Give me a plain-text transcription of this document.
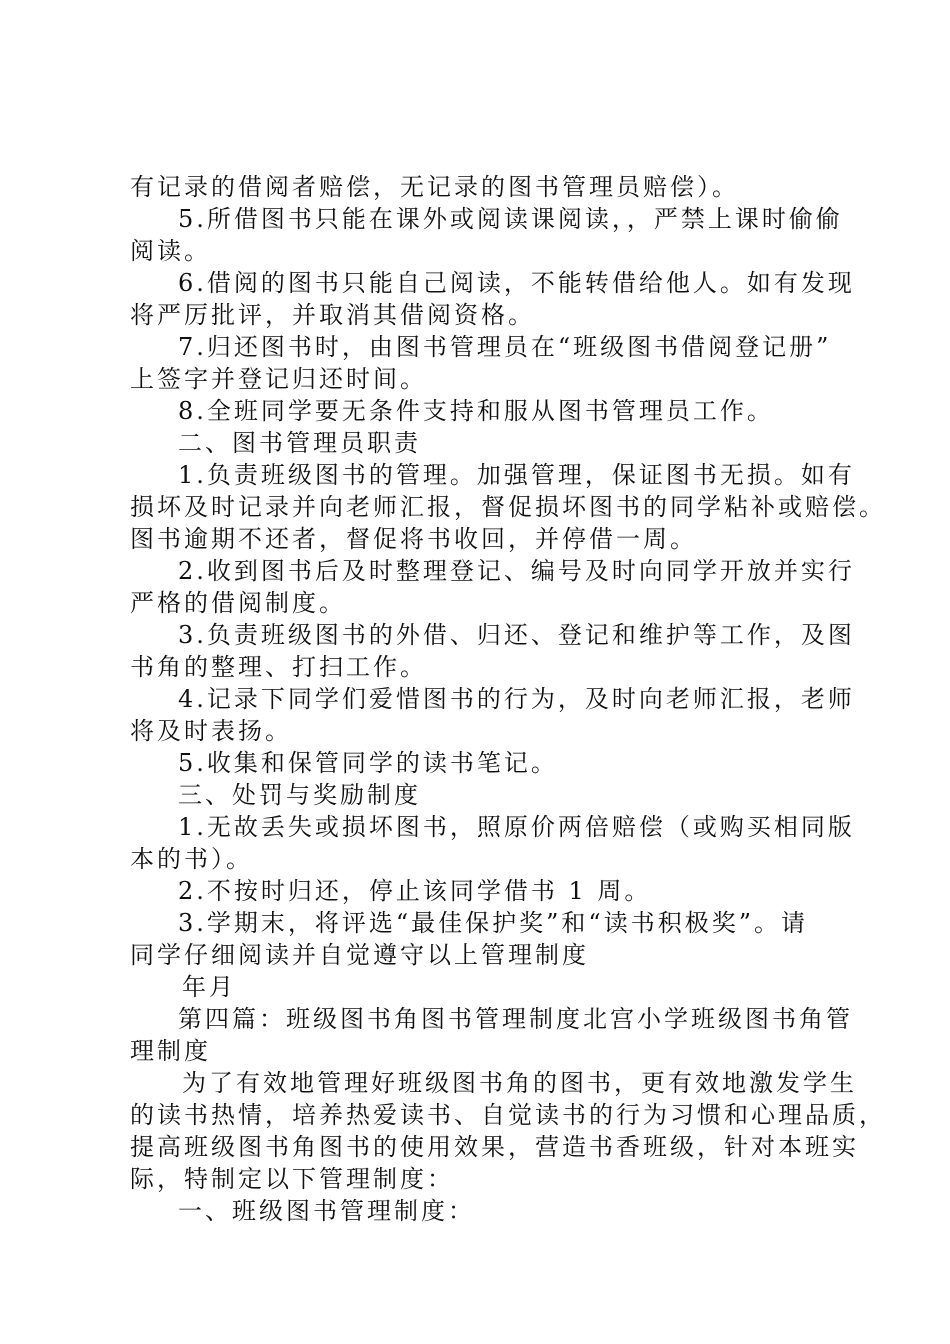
有记录的借阅者赔偿，无记录的图书管理员赔偿）。
5.所借图书只能在课外或阅读课阅读，，严禁上课时偷偷
阅读。
6.借阅的图书只能自己阅读，不能转借给他人。如有发现
将严厉批评，并取消其借阅资格。
7.归还图书时，由图书管理员在“班级图书借阅登记册”
上签字并登记归还时间。
8.全班同学要无条件支持和服从图书管理员工作。
二、图书管理员职责
1.负责班级图书的管理。加强管理，保证图书无损。如有
损坏及时记录并向老师汇报，督促损坏图书的同学粘补或赔偿。
图书逾期不还者，督促将书收回，并停借一周。
2.收到图书后及时整理登记、编号及时向同学开放并实行
严格的借阅制度。
3.负责班级图书的外借、归还、登记和维护等工作，及图
书角的整理、打扫工作。
4.记录下同学们爱惜图书的行为，及时向老师汇报，老师
将及时表扬。
5.收集和保管同学的读书笔记。
三、处罚与奖励制度
1.无故丢失或损坏图书，照原价两倍赔偿（或购买相同版
本的书）。
2.不按时归还，停止该同学借书 1 周。
3.学期末，将评选“最佳保护奖”和“读书积极奖”。请
同学仔细阅读并自觉遵守以上管理制度
年月
第四篇：班级图书角图书管理制度北宫小学班级图书角管
理制度
为了有效地管理好班级图书角的图书，更有效地激发学生
的读书热情，培养热爱读书、自觉读书的行为习惯和心理品质，
提高班级图书角图书的使用效果，营造书香班级，针对本班实
际，特制定以下管理制度：
一、班级图书管理制度：
